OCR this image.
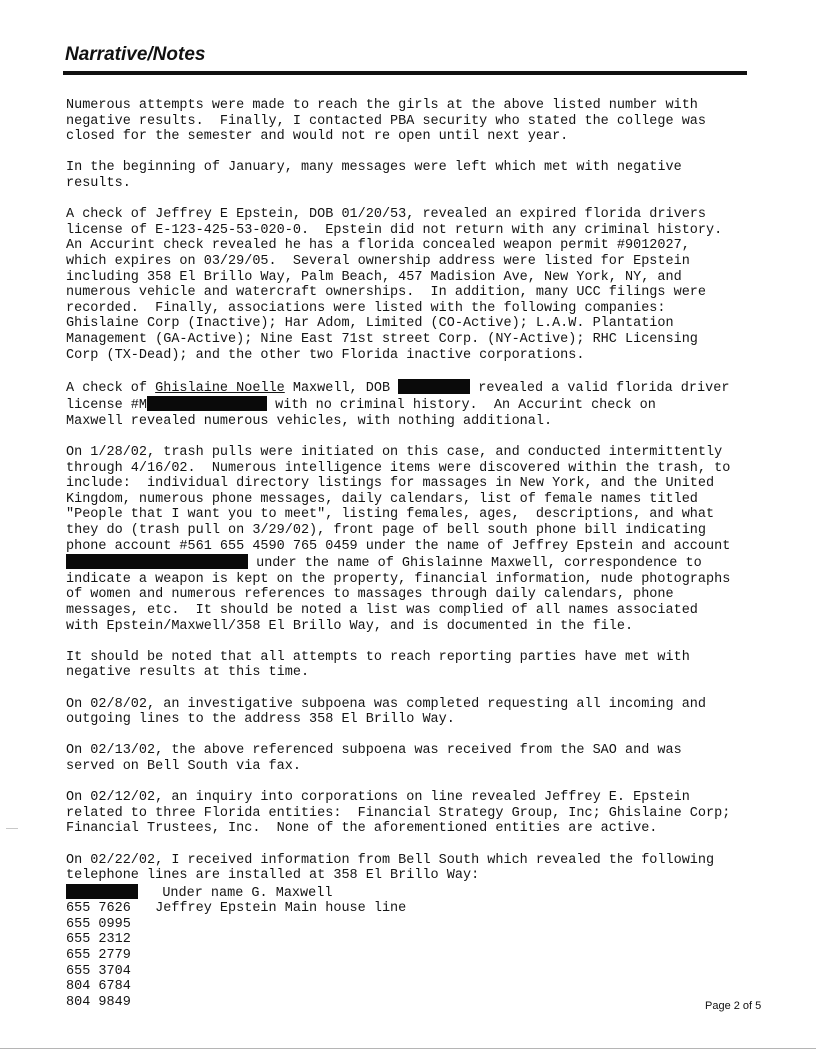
Narrative/Notes
Numerous attempts were made to reach the girls at the above listed number with
negative results.  Finally, I contacted PBA security who stated the college was
closed for the semester and would not re open until next year.
In the beginning of January, many messages were left which met with negative
results.
A check of Jeffrey E Epstein, DOB 01/20/53, revealed an expired florida drivers
license of E-123-425-53-020-0.  Epstein did not return with any criminal history.
An Accurint check revealed he has a florida concealed weapon permit #9012027,
which expires on 03/29/05.  Several ownership address were listed for Epstein
including 358 El Brillo Way, Palm Beach, 457 Madision Ave, New York, NY, and
numerous vehicle and watercraft ownerships.  In addition, many UCC filings were
recorded.  Finally, associations were listed with the following companies:
Ghislaine Corp (Inactive); Har Adom, Limited (CO-Active); L.A.W. Plantation
Management (GA-Active); Nine East 71st street Corp. (NY-Active); RHC Licensing
Corp (TX-Dead); and the other two Florida inactive corporations.
A check of Ghislaine Noelle Maxwell, DOB	revealed a valid florida driver
license #M	with no criminal history.  An Accurint check on
Maxwell revealed numerous vehicles, with nothing additional.
On 1/28/02, trash pulls were initiated on this case, and conducted intermittently
through 4/16/02.  Numerous intelligence items were discovered within the trash, to
include:  individual directory listings for massages in New York, and the United
Kingdom, numerous phone messages, daily calendars, list of female names titled
"People that I want you to meet", listing females, ages,  descriptions, and what
they do (trash pull on 3/29/02), front page of bell south phone bill indicating
phone account #561 655 4590 765 0459 under the name of Jeffrey Epstein and account
under the name of Ghislainne Maxwell, correspondence to
indicate a weapon is kept on the property, financial information, nude photographs
of women and numerous references to massages through daily calendars, phone
messages, etc.  It should be noted a list was complied of all names associated
with Epstein/Maxwell/358 El Brillo Way, and is documented in the file.
It should be noted that all attempts to reach reporting parties have met with
negative results at this time.
On 02/8/02, an investigative subpoena was completed requesting all incoming and
outgoing lines to the address 358 El Brillo Way.
On 02/13/02, the above referenced subpoena was received from the SAO and was
served on Bell South via fax.
On 02/12/02, an inquiry into corporations on line revealed Jeffrey E. Epstein
related to three Florida entities:  Financial Strategy Group, Inc; Ghislaine Corp;
Financial Trustees, Inc.  None of the aforementioned entities are active.
On 02/22/02, I received information from Bell South which revealed the following
telephone lines are installed at 358 El Brillo Way:
Under name G. Maxwell
655 7626   Jeffrey Epstein Main house line
655 0995
655 2312
655 2779
655 3704
804 6784
804 9849	Page 2 of 5
